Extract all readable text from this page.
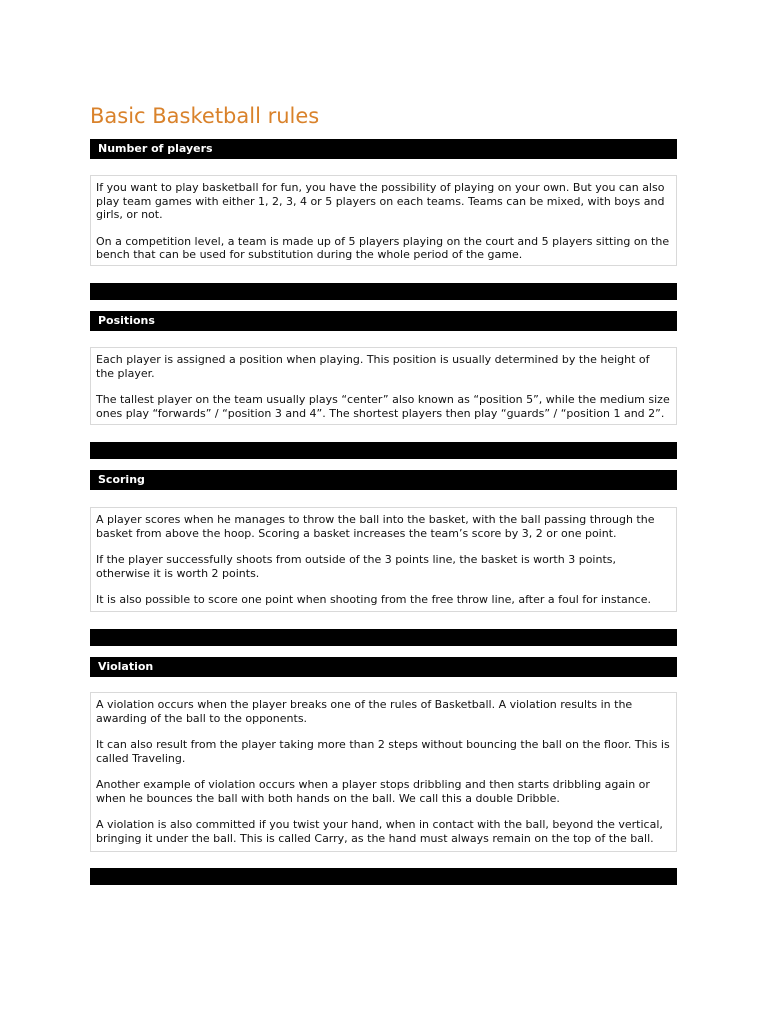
Basic Basketball rules
Number of players

If you want to play basketball for fun, you have the possibility of playing on your own. But you can also play team games with either 1, 2, 3, 4 or 5 players on each teams. Teams can be mixed, with boys and girls, or not.

On a competition level, a team is made up of 5 players playing on the court and 5 players sitting on the bench that can be used for substitution during the whole period of the game.

Positions

Each player is assigned a position when playing. This position is usually determined by the height of the player.

The tallest player on the team usually plays “center” also known as “position 5”, while the medium size ones play “forwards” / “position 3 and 4”. The shortest players then play “guards” / “position 1 and 2”.

Scoring

A player scores when he manages to throw the ball into the basket, with the ball passing through the basket from above the hoop. Scoring a basket increases the team’s score by 3, 2 or one point.

If the player successfully shoots from outside of the 3 points line, the basket is worth 3 points, otherwise it is worth 2 points.

It is also possible to score one point when shooting from the free throw line, after a foul for instance.

Violation

A violation occurs when the player breaks one of the rules of Basketball. A violation results in the awarding of the ball to the opponents.

It can also result from the player taking more than 2 steps without bouncing the ball on the floor. This is called Traveling.

Another example of violation occurs when a player stops dribbling and then starts dribbling again or when he bounces the ball with both hands on the ball. We call this a double Dribble.

A violation is also committed if you twist your hand, when in contact with the ball, beyond the vertical, bringing it under the ball. This is called Carry, as the hand must always remain on the top of the ball.
